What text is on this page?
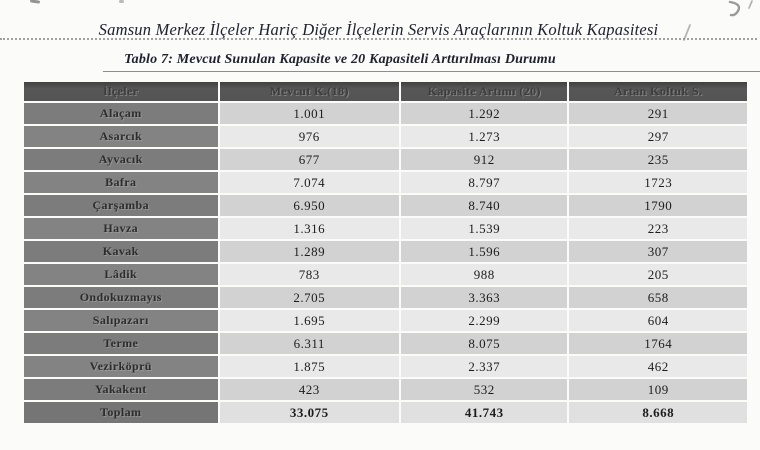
Samsun Merkez İlçeler Hariç Diğer İlçelerin Servis Araçlarının Koltuk Kapasitesi
Tablo 7: Mevcut Sunulan Kapasite ve 20 Kapasiteli Arttırılması Durumu
İlçeler	Mevcut K.(18)	Kapasite Artımı (20)	Artan Koltuk S.
Alaçam	1.001	1.292	291
Asarcık	976	1.273	297
Ayvacık	677	912	235
Bafra	7.074	8.797	1723
Çarşamba	6.950	8.740	1790
Havza	1.316	1.539	223
Kavak	1.289	1.596	307
Lâdik	783	988	205
Ondokuzmayıs	2.705	3.363	658
Salıpazarı	1.695	2.299	604
Terme	6.311	8.075	1764
Vezirköprü	1.875	2.337	462
Yakakent	423	532	109
Toplam	33.075	41.743	8.668
